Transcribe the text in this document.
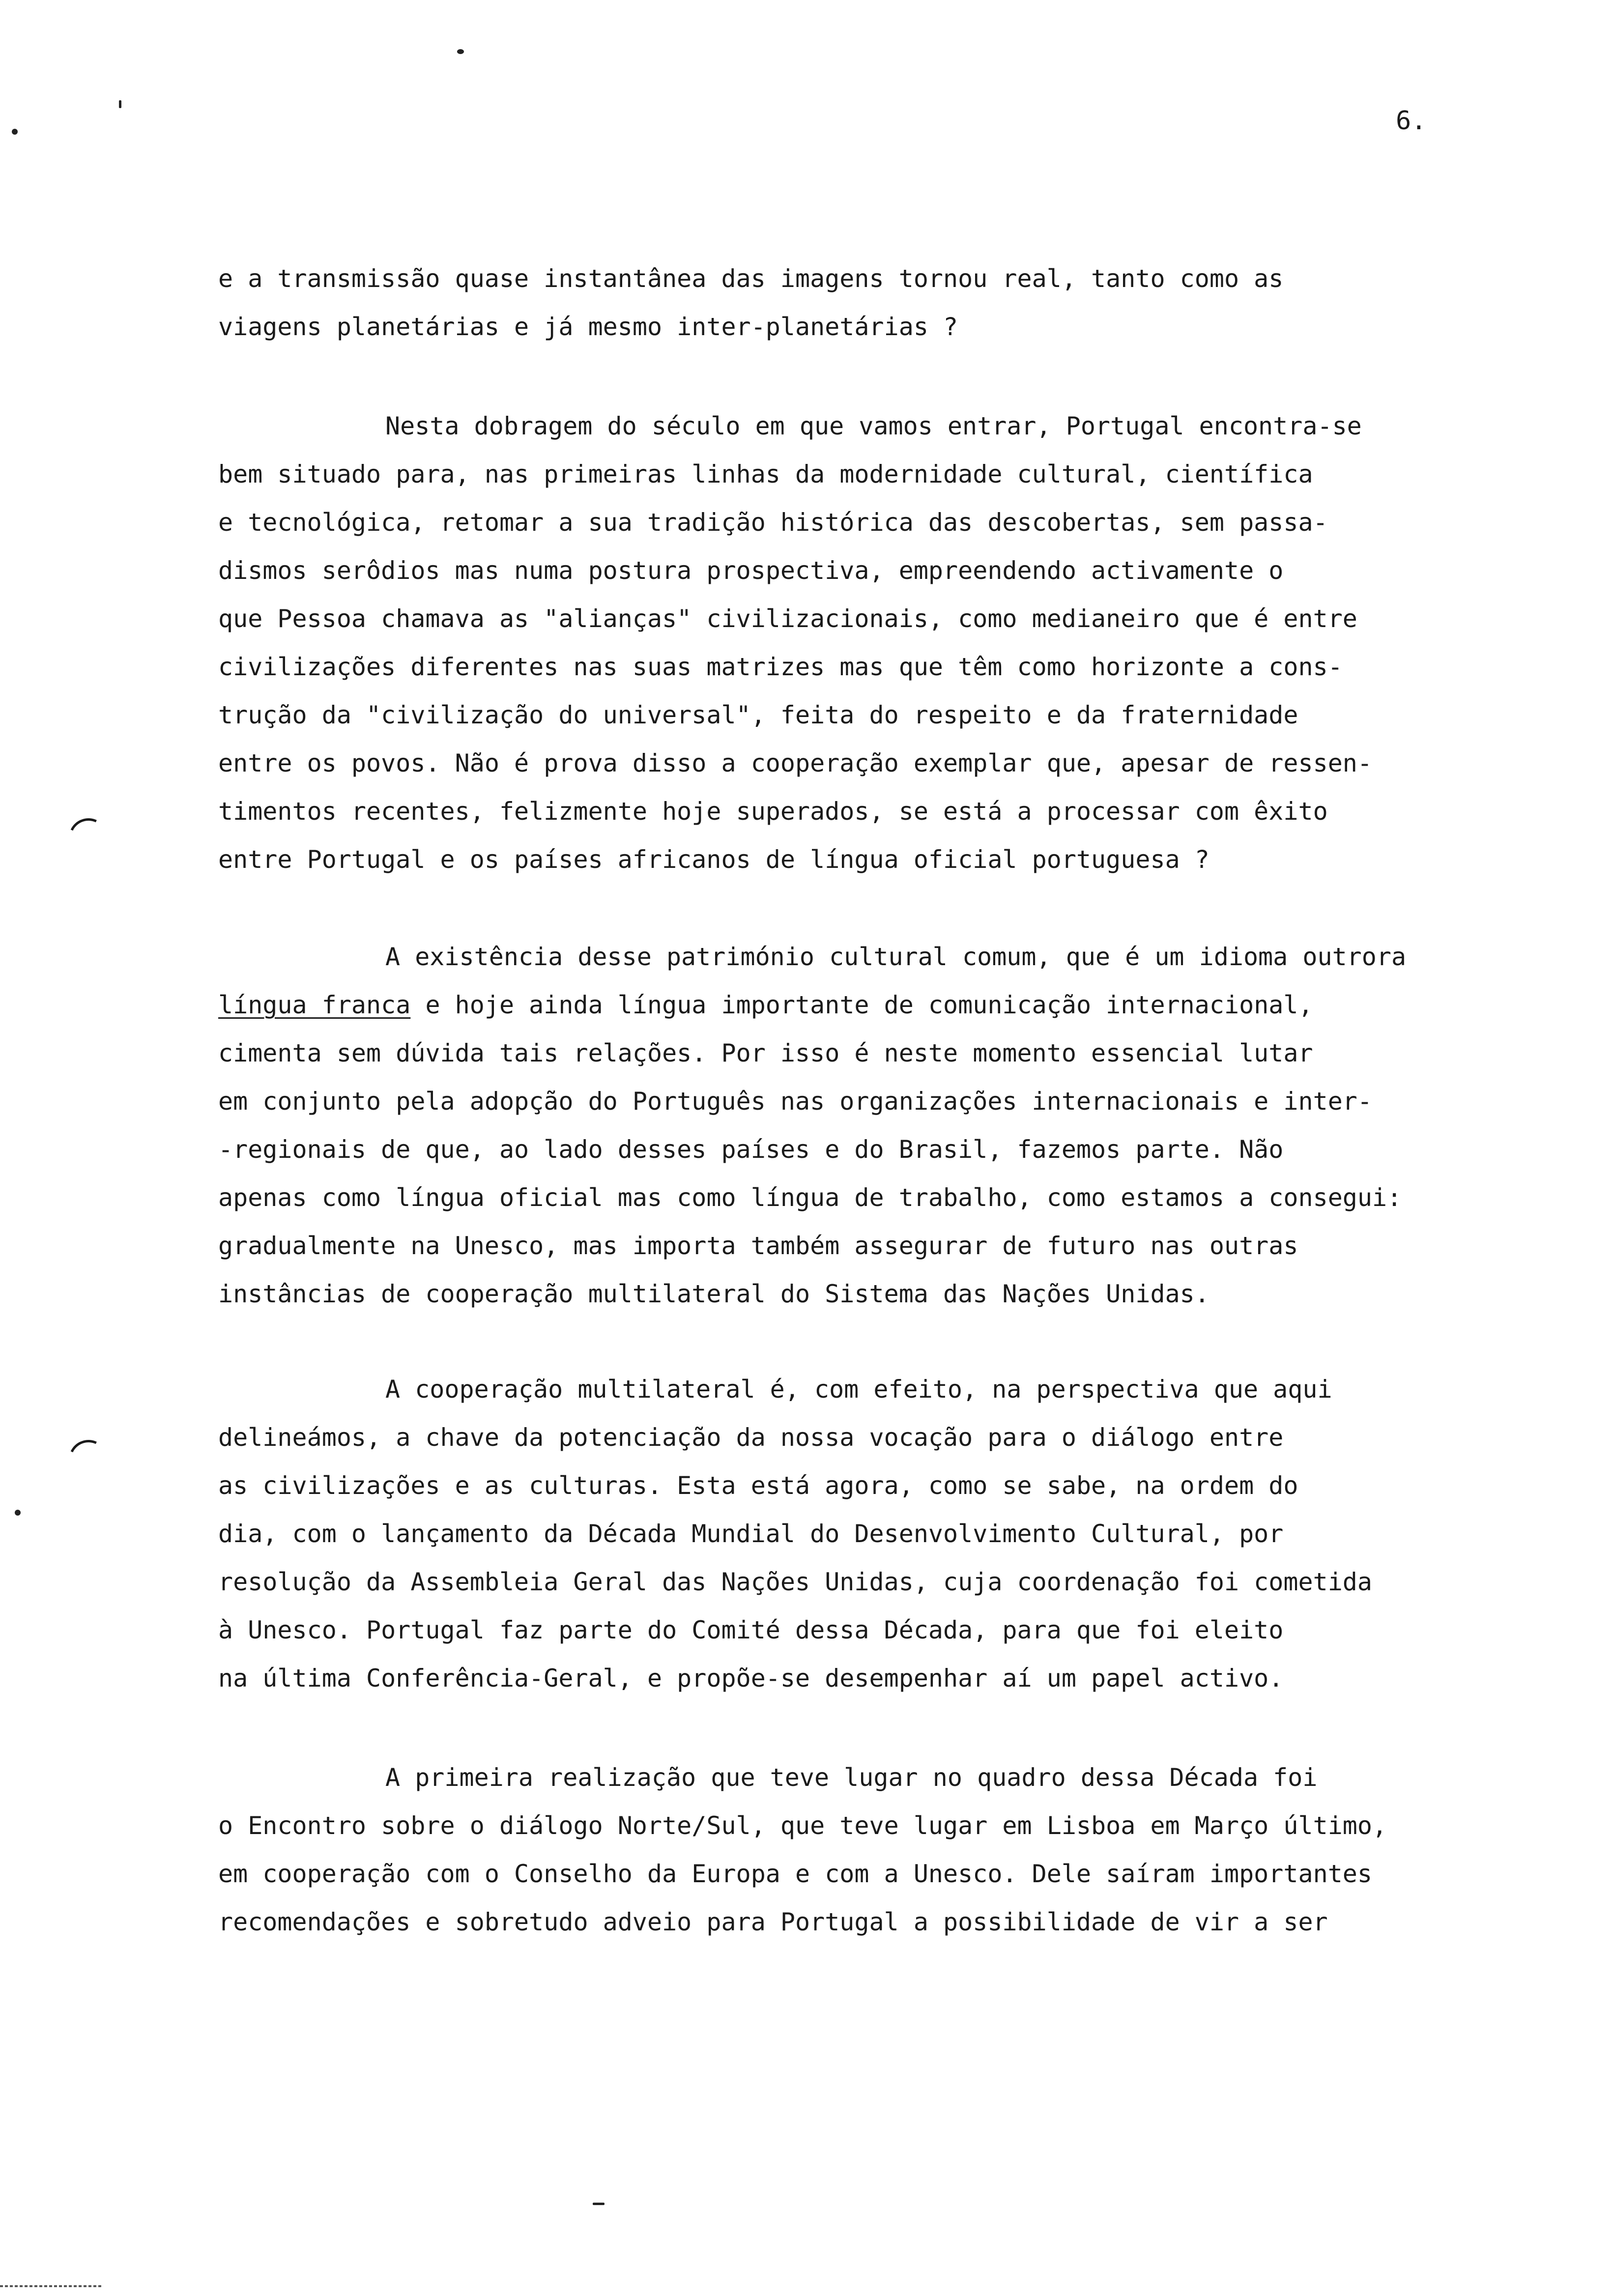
6.
e a transmissão quase instantânea das imagens tornou real, tanto como as
viagens planetárias e já mesmo inter-planetárias ?
Nesta dobragem do século em que vamos entrar, Portugal encontra-se
bem situado para, nas primeiras linhas da modernidade cultural, científica
e tecnológica, retomar a sua tradição histórica das descobertas, sem passa-
dismos serôdios mas numa postura prospectiva, empreendendo activamente o
que Pessoa chamava as "alianças" civilizacionais, como medianeiro que é entre
civilizações diferentes nas suas matrizes mas que têm como horizonte a cons-
trução da "civilização do universal", feita do respeito e da fraternidade
entre os povos. Não é prova disso a cooperação exemplar que, apesar de ressen-
timentos recentes, felizmente hoje superados, se está a processar com êxito
entre Portugal e os países africanos de língua oficial portuguesa ?
A existência desse património cultural comum, que é um idioma outrora
língua franca e hoje ainda língua importante de comunicação internacional,
cimenta sem dúvida tais relações. Por isso é neste momento essencial lutar
em conjunto pela adopção do Português nas organizações internacionais e inter-
-regionais de que, ao lado desses países e do Brasil, fazemos parte. Não
apenas como língua oficial mas como língua de trabalho, como estamos a consegui:
gradualmente na Unesco, mas importa também assegurar de futuro nas outras
instâncias de cooperação multilateral do Sistema das Nações Unidas.
A cooperação multilateral é, com efeito, na perspectiva que aqui
delineámos, a chave da potenciação da nossa vocação para o diálogo entre
as civilizações e as culturas. Esta está agora, como se sabe, na ordem do
dia, com o lançamento da Década Mundial do Desenvolvimento Cultural, por
resolução da Assembleia Geral das Nações Unidas, cuja coordenação foi cometida
à Unesco. Portugal faz parte do Comité dessa Década, para que foi eleito
na última Conferência-Geral, e propõe-se desempenhar aí um papel activo.
A primeira realização que teve lugar no quadro dessa Década foi
o Encontro sobre o diálogo Norte/Sul, que teve lugar em Lisboa em Março último,
em cooperação com o Conselho da Europa e com a Unesco. Dele saíram importantes
recomendações e sobretudo adveio para Portugal a possibilidade de vir a ser
